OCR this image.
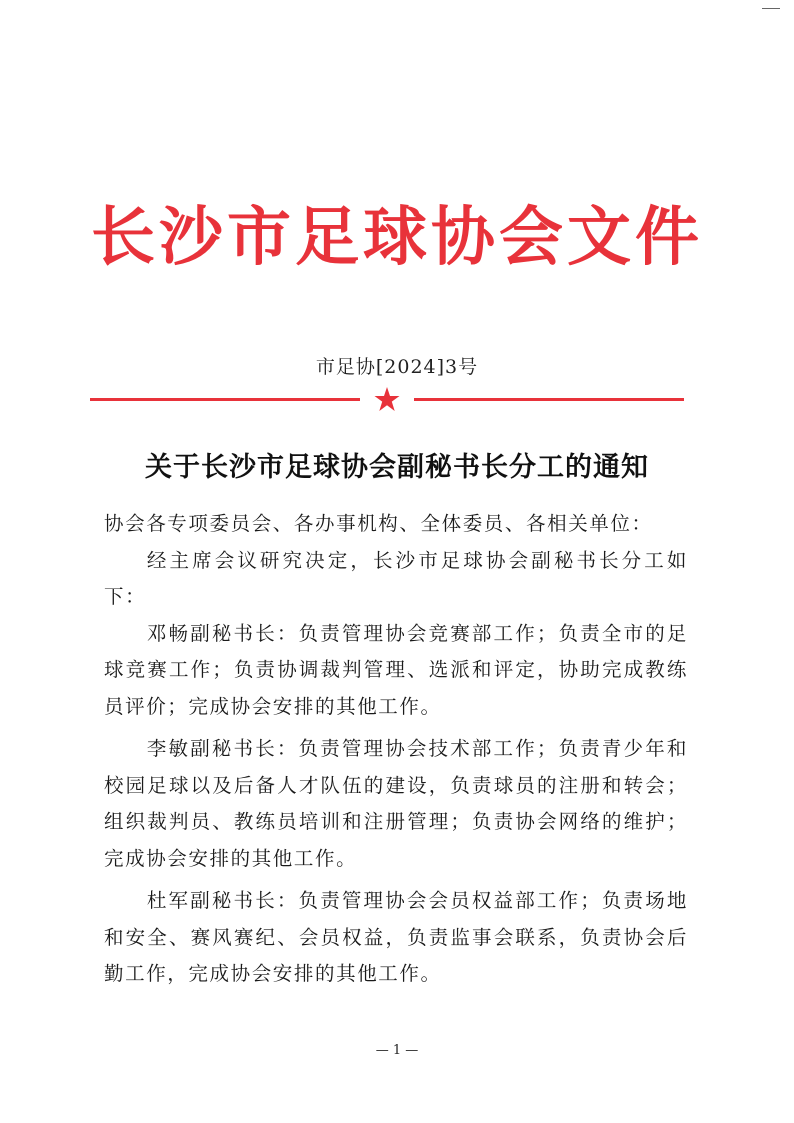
长沙市足球协会文件
市足协[2024]3号
关于长沙市足球协会副秘书长分工的通知

协会各专项委员会、各办事机构、全体委员、各相关单位：

经主席会议研究决定，长沙市足球协会副秘书长分工如下：

邓畅副秘书长：负责管理协会竞赛部工作；负责全市的足球竞赛工作；负责协调裁判管理、选派和评定，协助完成教练员评价；完成协会安排的其他工作。

李敏副秘书长：负责管理协会技术部工作；负责青少年和校园足球以及后备人才队伍的建设，负责球员的注册和转会；组织裁判员、教练员培训和注册管理；负责协会网络的维护；完成协会安排的其他工作。

杜军副秘书长：负责管理协会会员权益部工作；负责场地和安全、赛风赛纪、会员权益，负责监事会联系，负责协会后勤工作，完成协会安排的其他工作。

— 1 —
